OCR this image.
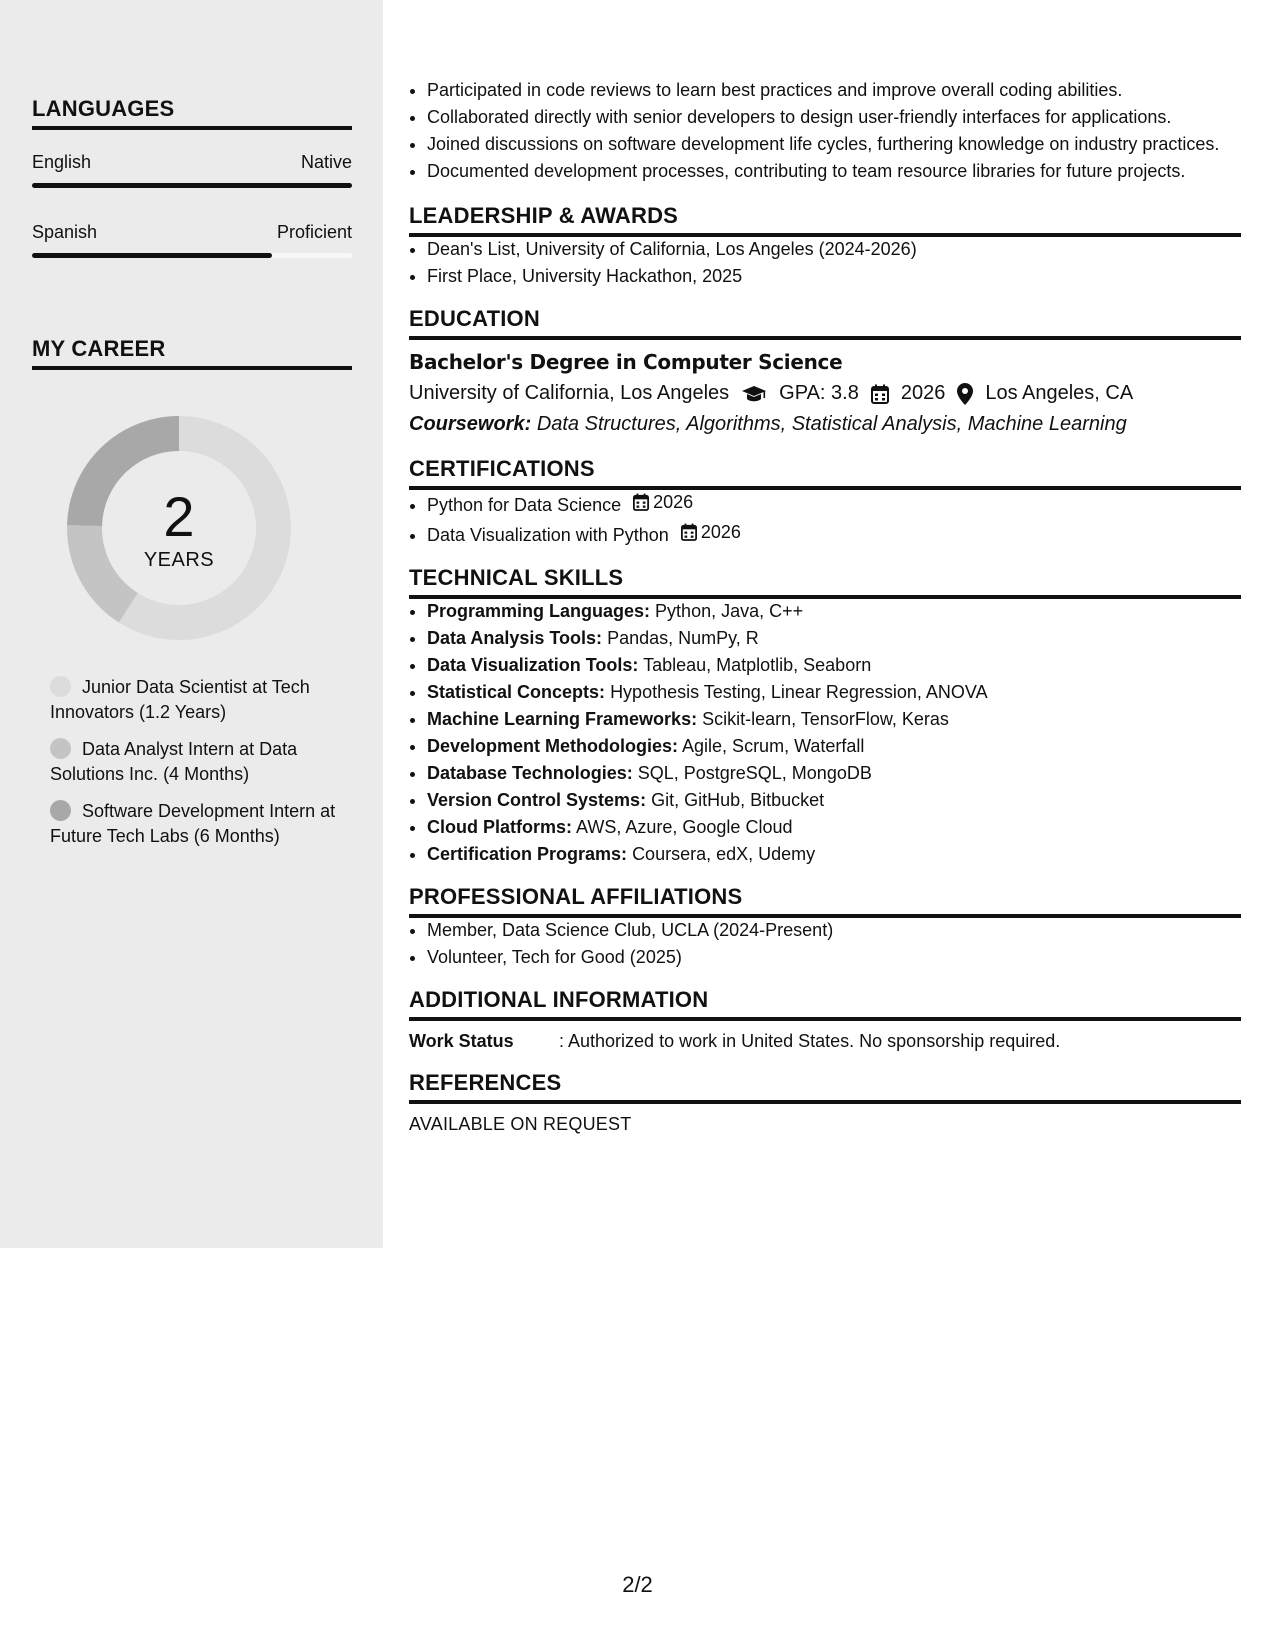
LANGUAGES
English	Native
Spanish	Proficient
MY CAREER
2
YEARS
Junior Data Scientist at Tech Innovators (1.2 Years)
Data Analyst Intern at Data Solutions Inc. (4 Months)
Software Development Intern at Future Tech Labs (6 Months)
• Participated in code reviews to learn best practices and improve overall coding abilities.
• Collaborated directly with senior developers to design user-friendly interfaces for applications.
• Joined discussions on software development life cycles, furthering knowledge on industry practices.
• Documented development processes, contributing to team resource libraries for future projects.
LEADERSHIP & AWARDS
• Dean's List, University of California, Los Angeles (2024-2026)
• First Place, University Hackathon, 2025
EDUCATION
Bachelor's Degree in Computer Science
University of California, Los Angeles	GPA: 3.8 2026 Los Angeles, CA
Coursework: Data Structures, Algorithms, Statistical Analysis, Machine Learning
CERTIFICATIONS
• Python for Data Science 2026
• Data Visualization with Python 2026
TECHNICAL SKILLS
• Programming Languages: Python, Java, C++
• Data Analysis Tools: Pandas, NumPy, R
• Data Visualization Tools: Tableau, Matplotlib, Seaborn
• Statistical Concepts: Hypothesis Testing, Linear Regression, ANOVA
• Machine Learning Frameworks: Scikit-learn, TensorFlow, Keras
• Development Methodologies: Agile, Scrum, Waterfall
• Database Technologies: SQL, PostgreSQL, MongoDB
• Version Control Systems: Git, GitHub, Bitbucket
• Cloud Platforms: AWS, Azure, Google Cloud
• Certification Programs: Coursera, edX, Udemy
PROFESSIONAL AFFILIATIONS
• Member, Data Science Club, UCLA (2024-Present)
• Volunteer, Tech for Good (2025)
ADDITIONAL INFORMATION
Work Status	: Authorized to work in United States. No sponsorship required.
REFERENCES
AVAILABLE ON REQUEST
2/2
